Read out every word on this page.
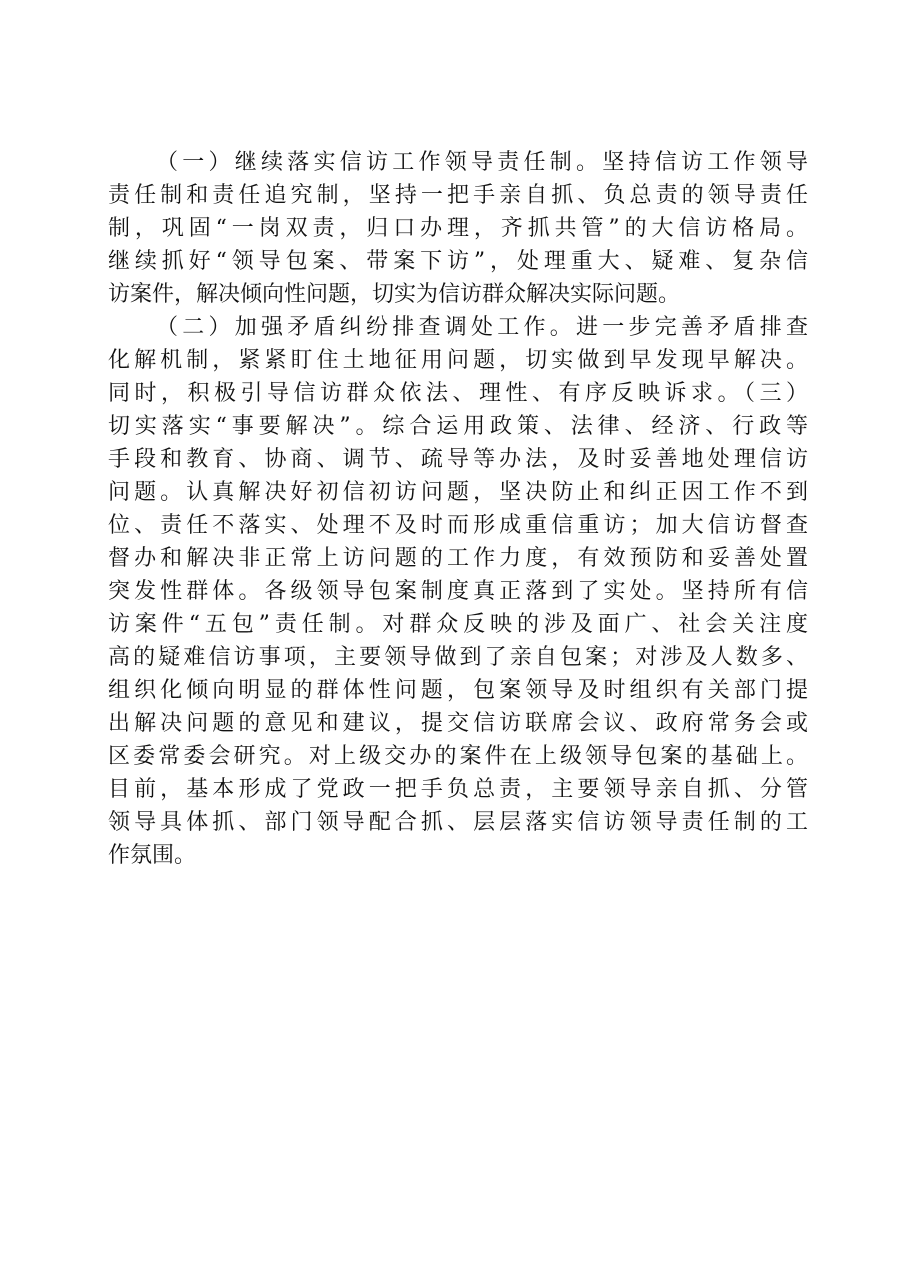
（一）继续落实信访工作领导责任制。坚持信访工作领导
责任制和责任追究制，坚持一把手亲自抓、负总责的领导责任
制，巩固“一岗双责，归口办理，齐抓共管”的大信访格局。
继续抓好“领导包案、带案下访”，处理重大、疑难、复杂信
访案件，解决倾向性问题，切实为信访群众解决实际问题。
（二）加强矛盾纠纷排查调处工作。进一步完善矛盾排查
化解机制，紧紧盯住土地征用问题，切实做到早发现早解决。
同时，积极引导信访群众依法、理性、有序反映诉求。（三）
切实落实“事要解决”。综合运用政策、法律、经济、行政等
手段和教育、协商、调节、疏导等办法，及时妥善地处理信访
问题。认真解决好初信初访问题，坚决防止和纠正因工作不到
位、责任不落实、处理不及时而形成重信重访；加大信访督查
督办和解决非正常上访问题的工作力度，有效预防和妥善处置
突发性群体。各级领导包案制度真正落到了实处。坚持所有信
访案件“五包”责任制。对群众反映的涉及面广、社会关注度
高的疑难信访事项，主要领导做到了亲自包案；对涉及人数多、
组织化倾向明显的群体性问题，包案领导及时组织有关部门提
出解决问题的意见和建议，提交信访联席会议、政府常务会或
区委常委会研究。对上级交办的案件在上级领导包案的基础上。
目前，基本形成了党政一把手负总责，主要领导亲自抓、分管
领导具体抓、部门领导配合抓、层层落实信访领导责任制的工
作氛围。
